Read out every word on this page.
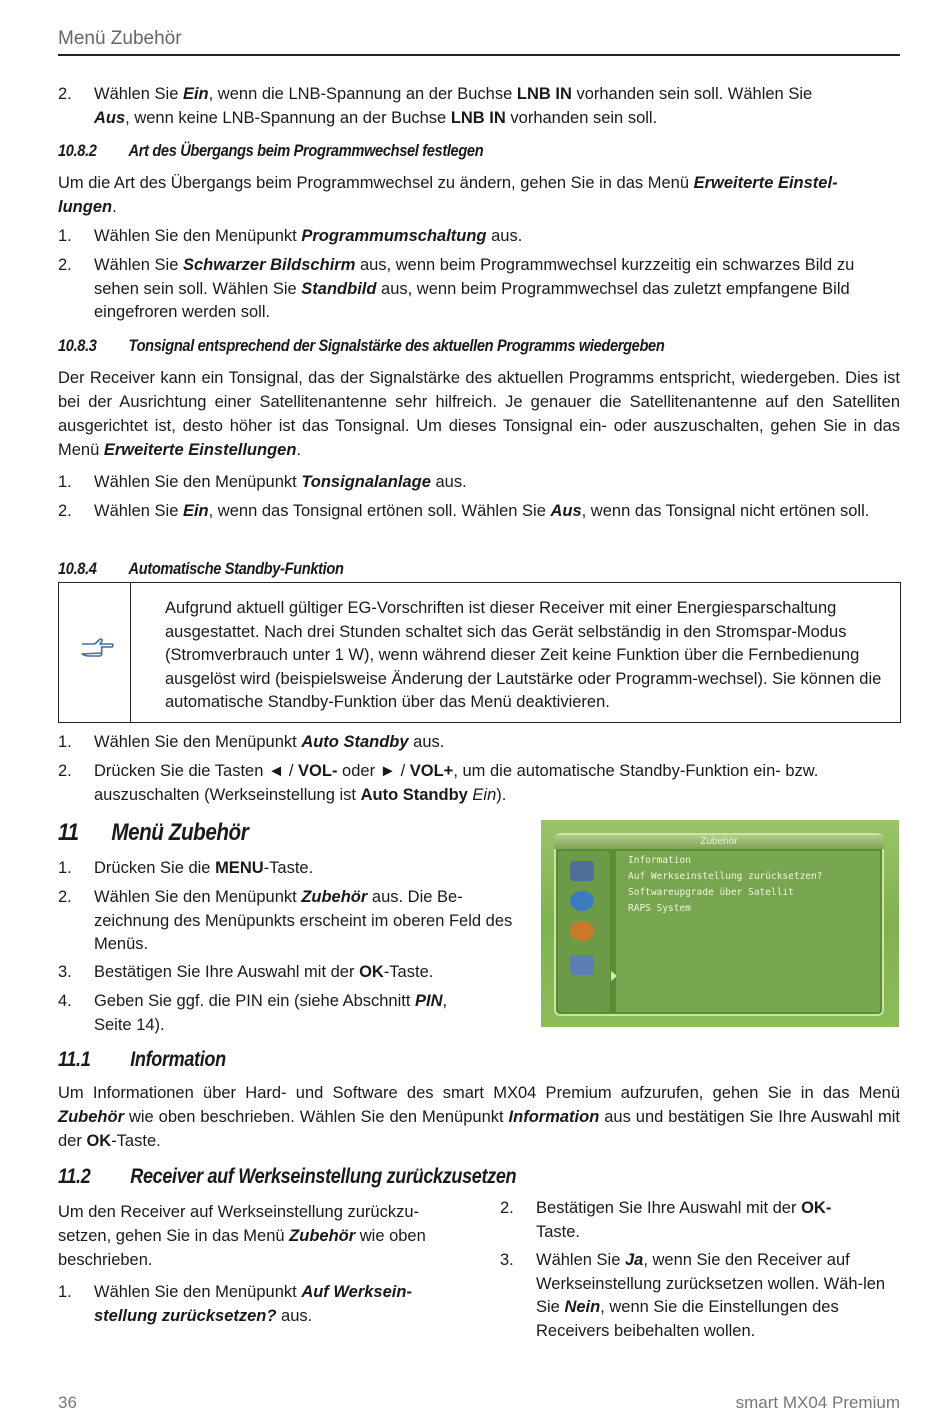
Menü Zubehör
2. Wählen Sie Ein, wenn die LNB-Spannung an der Buchse LNB IN vorhanden sein soll. Wählen Sie
Aus, wenn keine LNB-Spannung an der Buchse LNB IN vorhanden sein soll.
10.8.2 Art des Übergangs beim Programmwechsel festlegen
Um die Art des Übergangs beim Programmwechsel zu ändern, gehen Sie in das Menü Erweiterte Einstel-
lungen.
1. Wählen Sie den Menüpunkt Programmumschaltung aus.
2. Wählen Sie Schwarzer Bildschirm aus, wenn beim Programmwechsel kurzzeitig ein schwarzes Bild zu sehen sein soll. Wählen Sie Standbild aus, wenn beim Programmwechsel das zuletzt empfangene Bild eingefroren werden soll.
10.8.3 Tonsignal entsprechend der Signalstärke des aktuellen Programms wiedergeben
Der Receiver kann ein Tonsignal, das der Signalstärke des aktuellen Programms entspricht, wiedergeben. Dies ist bei der Ausrichtung einer Satellitenantenne sehr hilfreich. Je genauer die Satellitenantenne auf den Satelliten ausgerichtet ist, desto höher ist das Tonsignal. Um dieses Tonsignal ein- oder auszuschalten, gehen Sie in das Menü Erweiterte Einstellungen.
1. Wählen Sie den Menüpunkt Tonsignalanlage aus.
2. Wählen Sie Ein, wenn das Tonsignal ertönen soll. Wählen Sie Aus, wenn das Tonsignal nicht ertönen soll.
10.8.4 Automatische Standby-Funktion
Aufgrund aktuell gültiger EG-Vorschriften ist dieser Receiver mit einer Energiesparschaltung ausgestattet. Nach drei Stunden schaltet sich das Gerät selbständig in den Stromspar-Modus (Stromverbrauch unter 1 W), wenn während dieser Zeit keine Funktion über die Fernbedienung ausgelöst wird (beispielsweise Änderung der Lautstärke oder Programm-wechsel). Sie können die automatische Standby-Funktion über das Menü deaktivieren.
1. Wählen Sie den Menüpunkt Auto Standby aus.
2. Drücken Sie die Tasten ◄ / VOL- oder ► / VOL+, um die automatische Standby-Funktion ein- bzw. auszuschalten (Werkseinstellung ist Auto Standby Ein).
11 Menü Zubehör
1. Drücken Sie die MENU-Taste.
2. Wählen Sie den Menüpunkt Zubehör aus. Die Be-zeichnung des Menüpunkts erscheint im oberen Feld des Menüs.
3. Bestätigen Sie Ihre Auswahl mit der OK-Taste.
4. Geben Sie ggf. die PIN ein (siehe Abschnitt PIN, Seite 14).
Zubehör
Information
Auf Werkseinstellung zurücksetzen?
Softwareupgrade über Satellit
RAPS System
11.1 Information
Um Informationen über Hard- und Software des smart MX04 Premium aufzurufen, gehen Sie in das Menü Zubehör wie oben beschrieben. Wählen Sie den Menüpunkt Information aus und bestätigen Sie Ihre Auswahl mit der OK-Taste.
11.2 Receiver auf Werkseinstellung zurückzusetzen
Um den Receiver auf Werkseinstellung zurückzu-setzen, gehen Sie in das Menü Zubehör wie oben beschrieben.
1. Wählen Sie den Menüpunkt Auf Werksein-stellung zurücksetzen? aus.
2. Bestätigen Sie Ihre Auswahl mit der OK-
Taste.
3. Wählen Sie Ja, wenn Sie den Receiver auf Werkseinstellung zurücksetzen wollen. Wäh-len Sie Nein, wenn Sie die Einstellungen des Receivers beibehalten wollen.
36	smart MX04 Premium
